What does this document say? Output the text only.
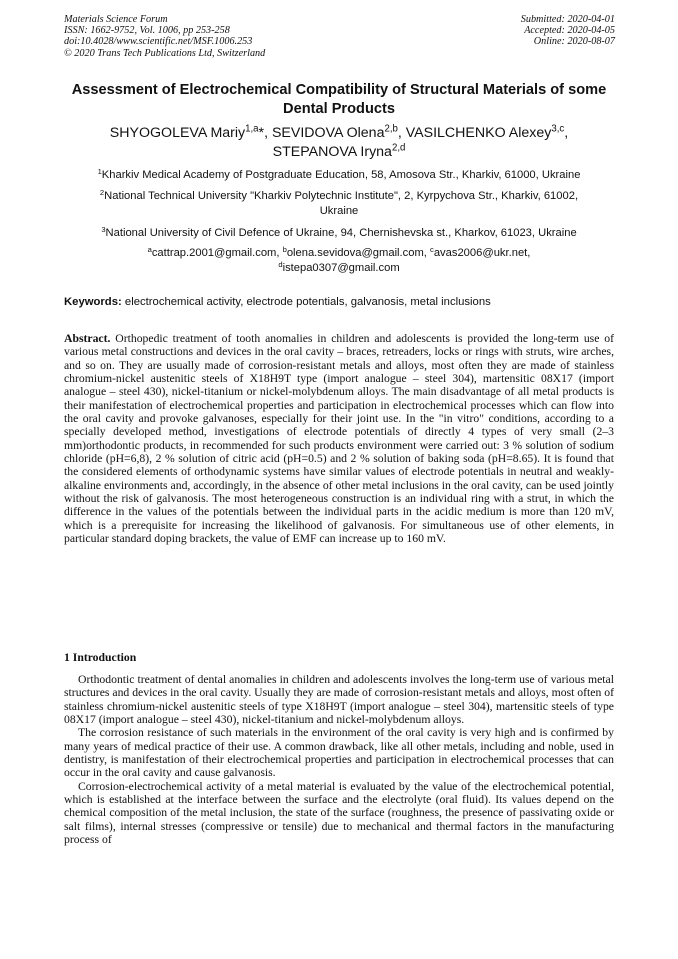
Materials Science Forum
ISSN: 1662-9752, Vol. 1006, pp 253-258
doi:10.4028/www.scientific.net/MSF.1006.253
© 2020 Trans Tech Publications Ltd, Switzerland
Submitted: 2020-04-01
Accepted: 2020-04-05
Online: 2020-08-07
Assessment of Electrochemical Compatibility of Structural Materials of some Dental Products
SHYOGOLEVA Mariy$^{1,a}$*, SEVIDOVA Olena$^{2,b}$, VASILCHENKO Alexey$^{3,c}$,
STEPANOVA Iryna$^{2,d}$
$^1$Kharkiv Medical Academy of Postgraduate Education, 58, Amosova Str., Kharkiv, 61000, Ukraine
$^2$National Technical University "Kharkiv Polytechnic Institute", 2, Kyrpychova Str., Kharkiv, 61002, Ukraine
$^3$National University of Civil Defence of Ukraine, 94, Chernishevska st., Kharkov, 61023, Ukraine
$^a$cattrap.2001@gmail.com, $^b$olena.sevidova@gmail.com, $^c$avas2006@ukr.net,
$^d$istepa0307@gmail.com
Keywords: electrochemical activity, electrode potentials, galvanosis, metal inclusions

Abstract. Orthopedic treatment of tooth anomalies in children and adolescents is provided the long-term use of various metal constructions and devices in the oral cavity – braces, retreaders, locks or rings with struts, wire arches, and so on. They are usually made of corrosion-resistant metals and alloys, most often they are made of stainless chromium-nickel austenitic steels of X18H9T type (import analogue – steel 304), martensitic 08X17 (import analogue – steel 430), nickel-titanium or nickel-molybdenum alloys. The main disadvantage of all metal products is their manifestation of electrochemical properties and participation in electrochemical processes which can flow into the oral cavity and provoke galvanoses, especially for their joint use. In the "in vitro" conditions, according to a specially developed method, investigations of electrode potentials of directly 4 types of very small (2–3 mm)orthodontic products, in recommended for such products environment were carried out: 3 % solution of sodium chloride (pH=6,8), 2 % solution of citric acid (pH=0.5) and 2 % solution of baking soda (pH=8.65). It is found that the considered elements of orthodynamic systems have similar values of electrode potentials in neutral and weakly-alkaline environments and, accordingly, in the absence of other metal inclusions in the oral cavity, can be used jointly without the risk of galvanosis. The most heterogeneous construction is an individual ring with a strut, in which the difference in the values of the potentials between the individual parts in the acidic medium is more than 120 mV, which is a prerequisite for increasing the likelihood of galvanosis. For simultaneous use of other elements, in particular standard doping brackets, the value of EMF can increase up to 160 mV.

1 Introduction

Orthodontic treatment of dental anomalies in children and adolescents involves the long-term use of various metal structures and devices in the oral cavity. Usually they are made of corrosion-resistant metals and alloys, most often of stainless chromium-nickel austenitic steels of type X18H9T (import analogue – steel 304), martensitic steels of type 08X17 (import analogue – steel 430), nickel-titanium and nickel-molybdenum alloys.

The corrosion resistance of such materials in the environment of the oral cavity is very high and is confirmed by many years of medical practice of their use. A common drawback, like all other metals, including and noble, used in dentistry, is manifestation of their electrochemical properties and participation in electrochemical processes that can occur in the oral cavity and cause galvanosis.

Corrosion-electrochemical activity of a metal material is evaluated by the value of the electrochemical potential, which is established at the interface between the surface and the electrolyte (oral fluid). Its values depend on the chemical composition of the metal inclusion, the state of the surface (roughness, the presence of passivating oxide or salt films), internal stresses (compressive or tensile) due to mechanical and thermal factors in the manufacturing process of
